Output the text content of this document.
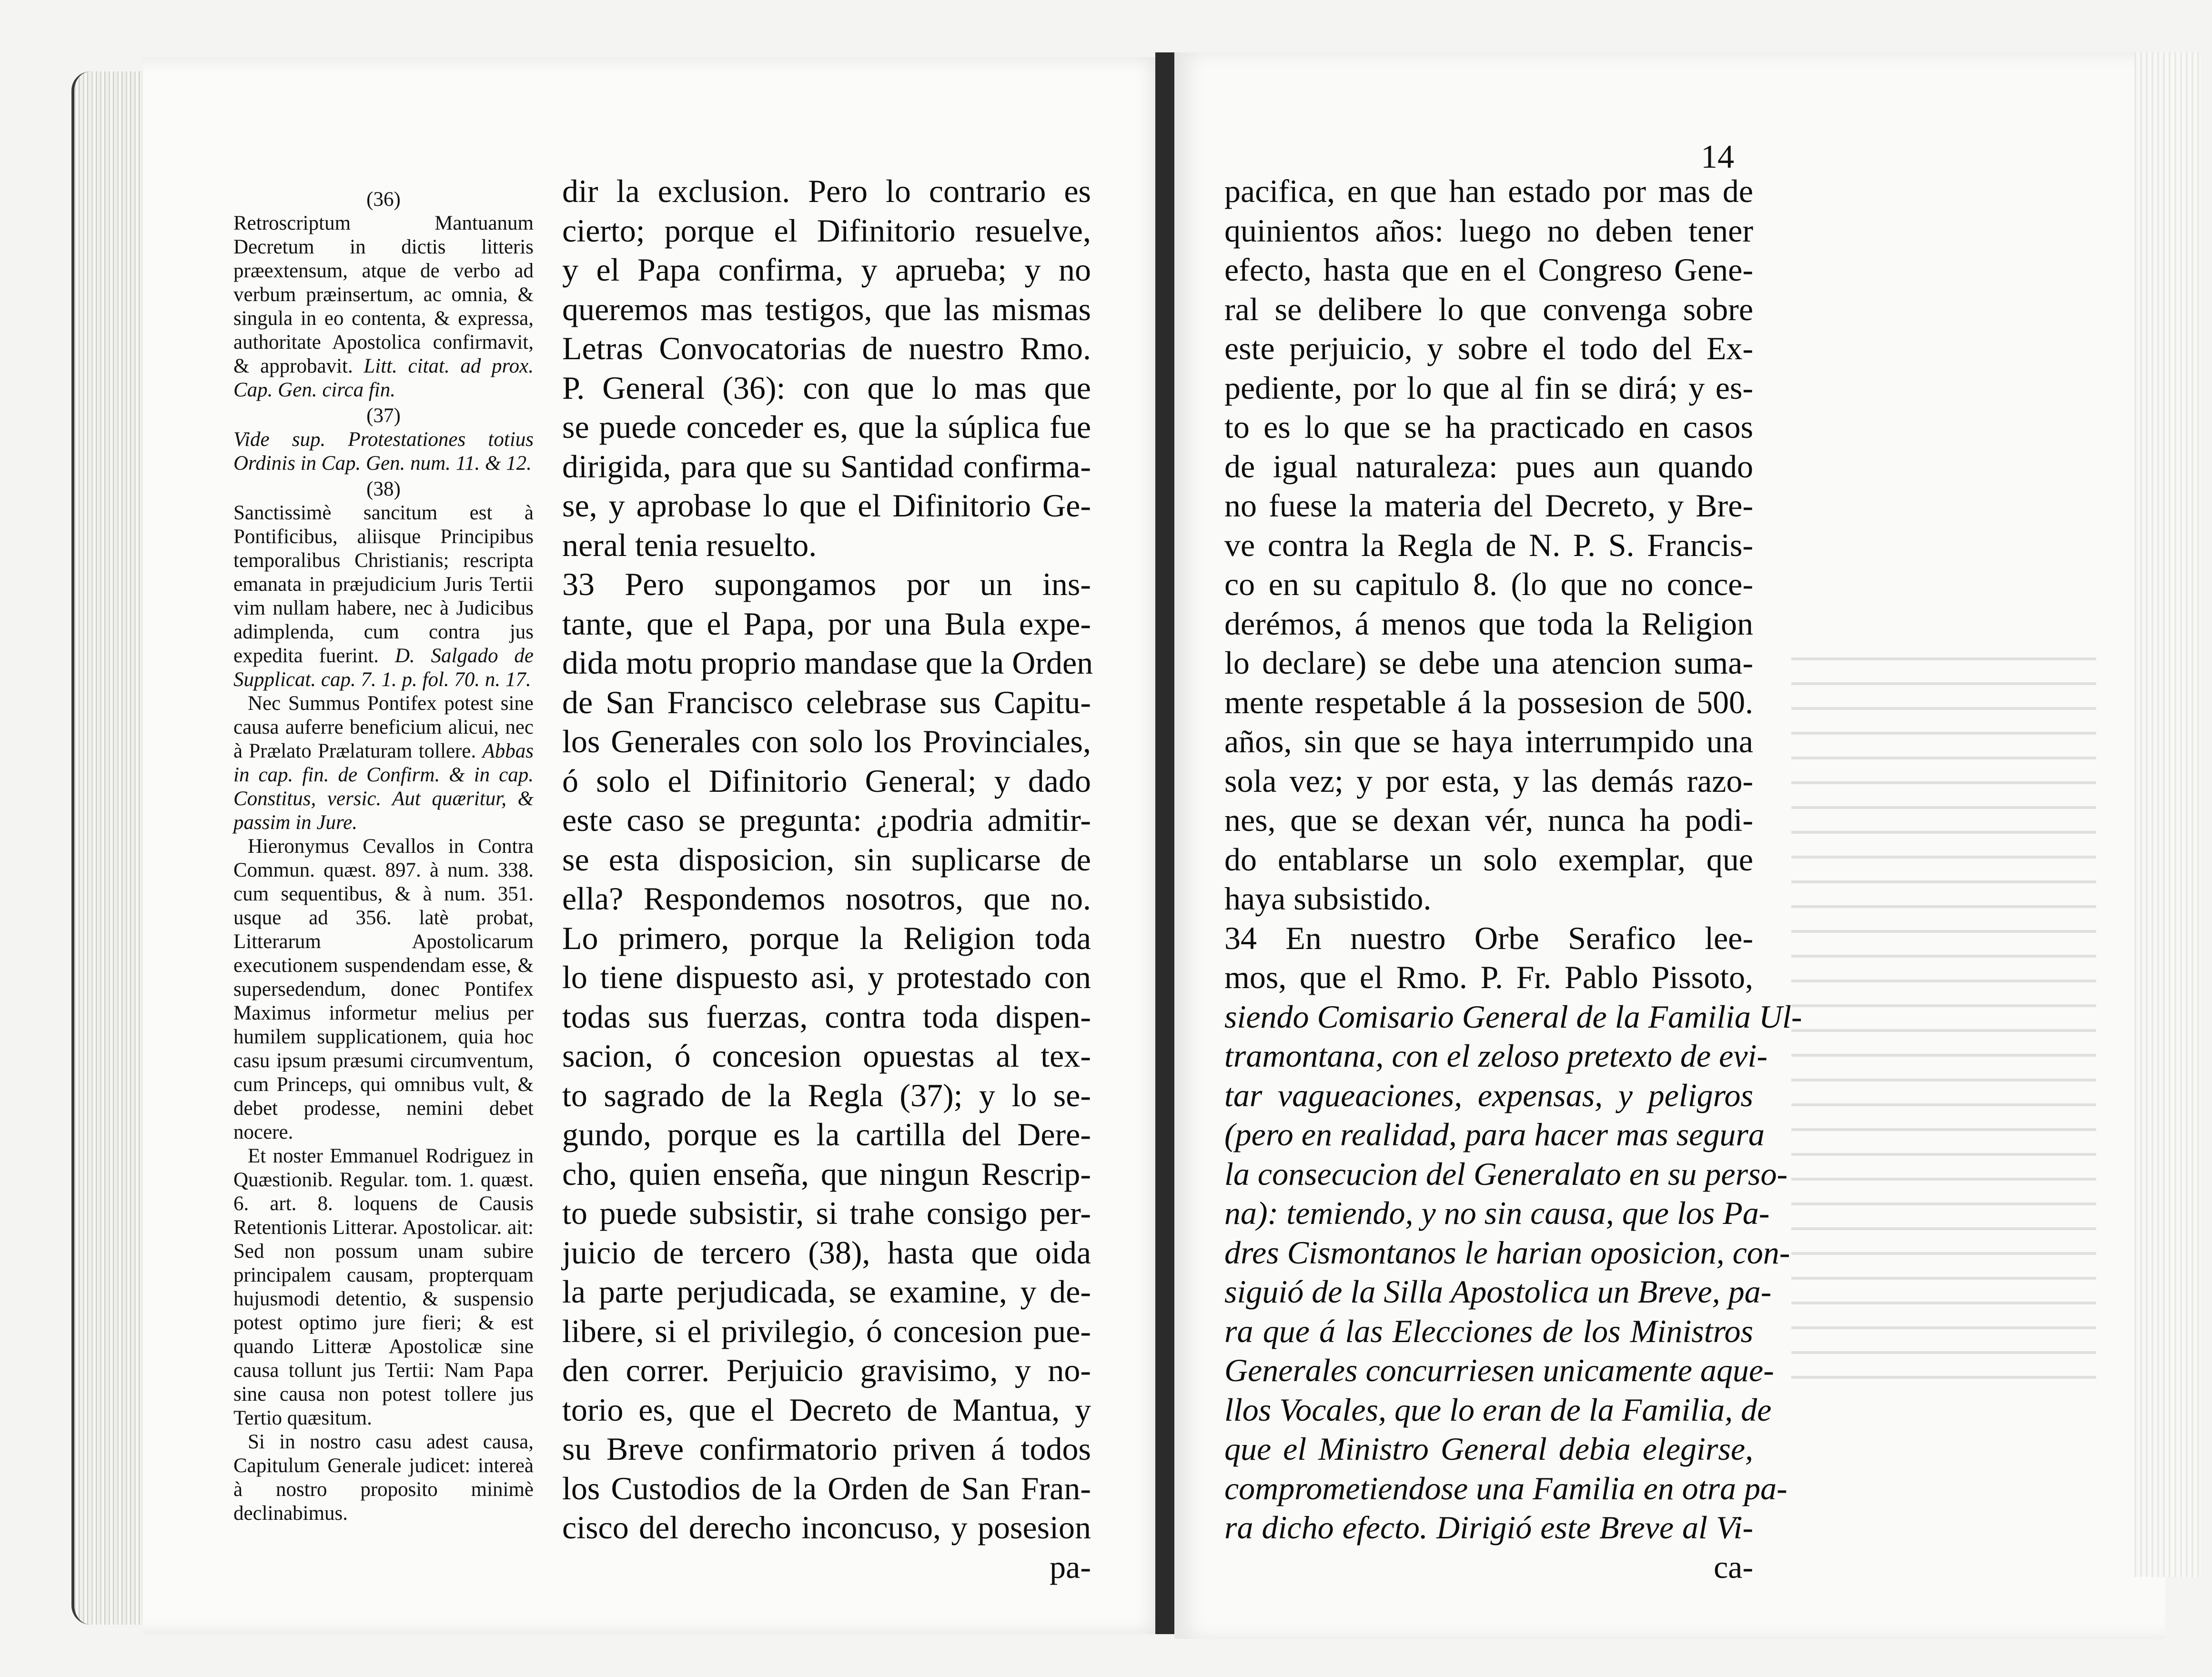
(36)
Retroscriptum Mantuanum Decretum in dictis litteris præextensum, atque de verbo ad verbum præinsertum, ac omnia, & singula in eo contenta, & expressa, authoritate Apostolica confirmavit, & approbavit. Litt. citat. ad prox. Cap. Gen. circa fin.
(37)
Vide sup. Protestationes totius Ordinis in Cap. Gen. num. 11. & 12.
(38)
Sanctissimè sancitum est à Pontificibus, aliisque Principibus temporalibus Christianis; rescripta emanata in præjudicium Juris Tertii vim nullam habere, nec à Judicibus adimplenda, cum contra jus expedita fuerint. D. Salgado de Supplicat. cap. 7. 1. p. fol. 70. n. 17.
Nec Summus Pontifex potest sine causa auferre beneficium alicui, nec à Prælato Prælaturam tollere. Abbas in cap. fin. de Confirm. & in cap. Constitus, versic. Aut quæritur, & passim in Jure.
Hieronymus Cevallos in Contra Commun. quæst. 897. à num. 338. cum sequentibus, & à num. 351. usque ad 356. latè probat, Litterarum Apostolicarum executionem suspendendam esse, & supersedendum, donec Pontifex Maximus informetur melius per humilem supplicationem, quia hoc casu ipsum præsumi circumventum, cum Princeps, qui omnibus vult, & debet prodesse, nemini debet nocere.
Et noster Emmanuel Rodriguez in Quæstionib. Regular. tom. 1. quæst. 6. art. 8. loquens de Causis Retentionis Litterar. Apostolicar. ait: Sed non possum unam subire principalem causam, propterquam hujusmodi detentio, & suspensio potest optimo jure fieri; & est quando Litteræ Apostolicæ sine causa tollunt jus Tertii: Nam Papa sine causa non potest tollere jus Tertio quæsitum.
Si in nostro casu adest causa, Capitulum Generale judicet: intereà à nostro proposito minimè declinabimus.
14
dir la exclusion. Pero lo contrario es
cierto; porque el Difinitorio resuelve,
y el Papa confirma, y aprueba; y no
queremos mas testigos, que las mismas
Letras Convocatorias de nuestro Rmo.
P. General (36): con que lo mas que
se puede conceder es, que la súplica fue
dirigida, para que su Santidad confirma-
se, y aprobase lo que el Difinitorio Ge-
neral tenia resuelto.
33 Pero supongamos por un ins-
tante, que el Papa, por una Bula expe-
dida motu proprio mandase que la Orden
de San Francisco celebrase sus Capitu-
los Generales con solo los Provinciales,
ó solo el Difinitorio General; y dado
este caso se pregunta: ¿podria admitir-
se esta disposicion, sin suplicarse de
ella? Respondemos nosotros, que no.
Lo primero, porque la Religion toda
lo tiene dispuesto asi, y protestado con
todas sus fuerzas, contra toda dispen-
sacion, ó concesion opuestas al tex-
to sagrado de la Regla (37); y lo se-
gundo, porque es la cartilla del Dere-
cho, quien enseña, que ningun Rescrip-
to puede subsistir, si trahe consigo per-
juicio de tercero (38), hasta que oida
la parte perjudicada, se examine, y de-
libere, si el privilegio, ó concesion pue-
den correr. Perjuicio gravisimo, y no-
torio es, que el Decreto de Mantua, y
su Breve confirmatorio priven á todos
los Custodios de la Orden de San Fran-
cisco del derecho inconcuso, y posesion
pa-
pacifica, en que han estado por mas de
quinientos años: luego no deben tener
efecto, hasta que en el Congreso Gene-
ral se delibere lo que convenga sobre
este perjuicio, y sobre el todo del Ex-
pediente, por lo que al fin se dirá; y es-
to es lo que se ha practicado en casos
de igual naturaleza: pues aun quando
no fuese la materia del Decreto, y Bre-
ve contra la Regla de N. P. S. Francis-
co en su capitulo 8. (lo que no conce-
derémos, á menos que toda la Religion
lo declare) se debe una atencion suma-
mente respetable á la possesion de 500.
años, sin que se haya interrumpido una
sola vez; y por esta, y las demás razo-
nes, que se dexan vér, nunca ha podi-
do entablarse un solo exemplar, que
haya subsistido.
34 En nuestro Orbe Serafico lee-
mos, que el Rmo. P. Fr. Pablo Pissoto,
siendo Comisario General de la Familia Ul-
tramontana, con el zeloso pretexto de evi-
tar vagueaciones, expensas, y peligros
(pero en realidad, para hacer mas segura
la consecucion del Generalato en su perso-
na): temiendo, y no sin causa, que los Pa-
dres Cismontanos le harian oposicion, con-
siguió de la Silla Apostolica un Breve, pa-
ra que á las Elecciones de los Ministros
Generales concurriesen unicamente aque-
llos Vocales, que lo eran de la Familia, de
que el Ministro General debia elegirse,
comprometiendose una Familia en otra pa-
ra dicho efecto. Dirigió este Breve al Vi-
ca-
